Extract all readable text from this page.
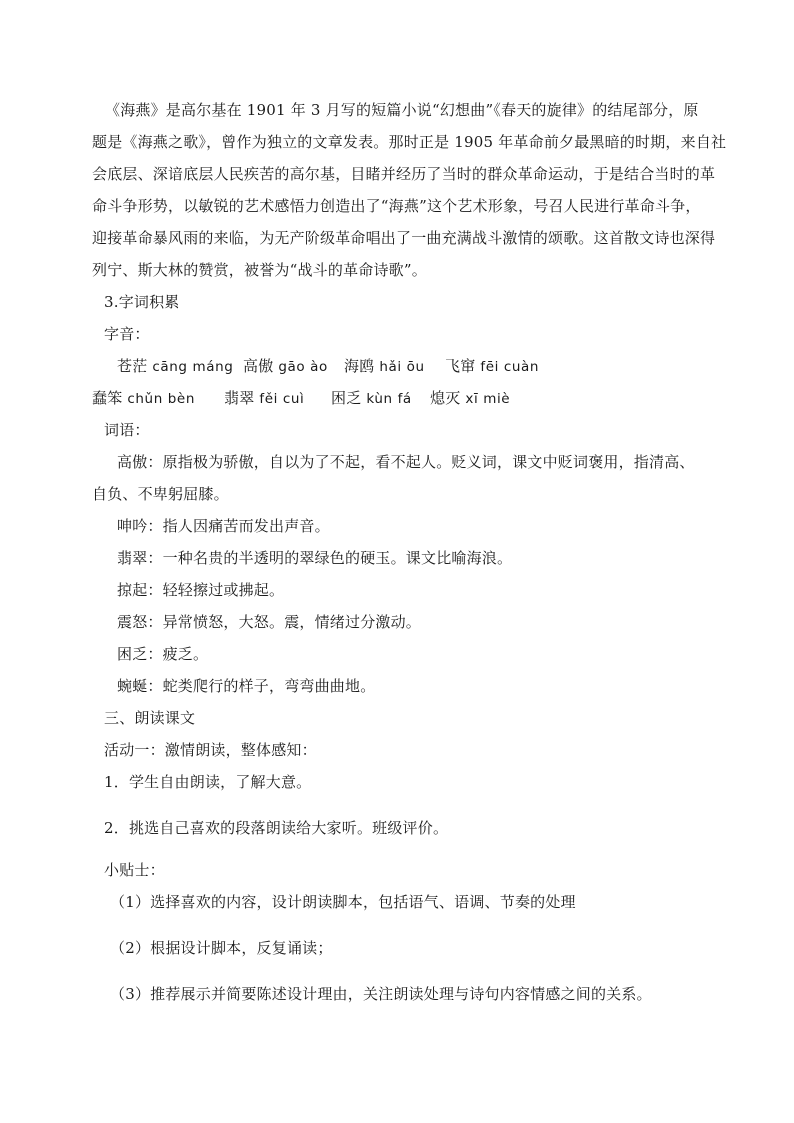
《海燕》是高尔基在 1901 年 3 月写的短篇小说“幻想曲”《春天的旋律》的结尾部分，原
题是《海燕之歌》，曾作为独立的文章发表。那时正是 1905 年革命前夕最黑暗的时期，来自社
会底层、深谙底层人民疾苦的高尔基，目睹并经历了当时的群众革命运动，于是结合当时的革
命斗争形势，以敏锐的艺术感悟力创造出了“海燕”这个艺术形象，号召人民进行革命斗争，
迎接革命暴风雨的来临，为无产阶级革命唱出了一曲充满战斗激情的颂歌。这首散文诗也深得
列宁、斯大林的赞赏，被誉为“战斗的革命诗歌”。
3.字词积累
字音：
苍茫 cāng máng 高傲 gāo ào 海鸥 hǎi ōu 飞窜 fēi cuàn
蠢笨 chǔn bèn 翡翠 fěi cuì 困乏 kùn fá 熄灭 xī miè
词语：
高傲：原指极为骄傲，自以为了不起，看不起人。贬义词，课文中贬词褒用，指清高、
自负、不卑躬屈膝。
呻吟：指人因痛苦而发出声音。
翡翠：一种名贵的半透明的翠绿色的硬玉。课文比喻海浪。
掠起：轻轻擦过或拂起。
震怒：异常愤怒，大怒。震，情绪过分激动。
困乏：疲乏。
蜿蜒：蛇类爬行的样子，弯弯曲曲地。
三、朗读课文
活动一：激情朗读，整体感知：
1．学生自由朗读，了解大意。
2．挑选自己喜欢的段落朗读给大家听。班级评价。
小贴士：
（1）选择喜欢的内容，设计朗读脚本，包括语气、语调、节奏的处理
（2）根据设计脚本，反复诵读；
（3）推荐展示并简要陈述设计理由，关注朗读处理与诗句内容情感之间的关系。
